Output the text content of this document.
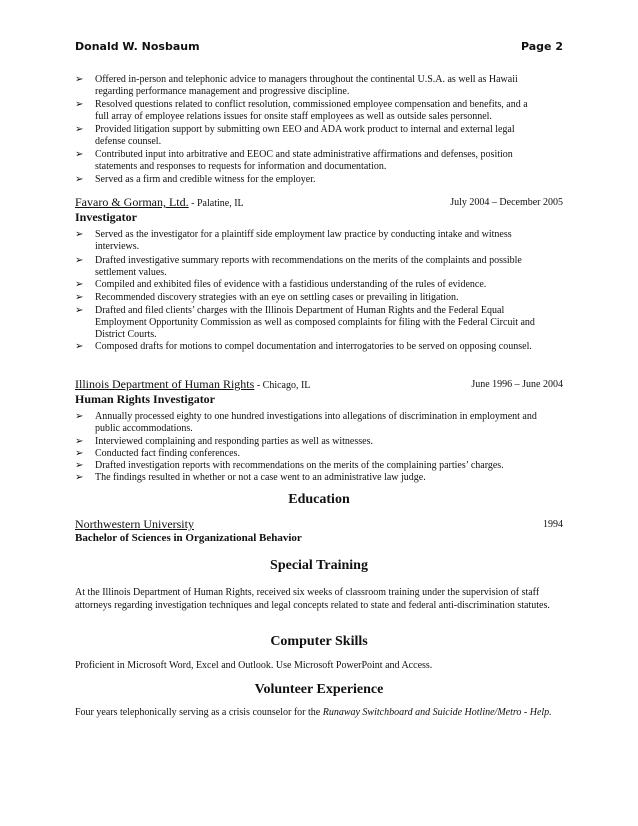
Donald W. Nosbaum	Page 2
➢ Offered in-person and telephonic advice to managers throughout the continental U.S.A. as well as Hawaii regarding performance management and progressive discipline.
➢ Resolved questions related to conflict resolution, commissioned employee compensation and benefits, and a full array of employee relations issues for onsite staff employees as well as outside sales personnel.
➢ Provided litigation support by submitting own EEO and ADA work product to internal and external legal defense counsel.
➢ Contributed input into arbitrative and EEOC and state administrative affirmations and defenses, position statements and responses to requests for information and documentation.
➢ Served as a firm and credible witness for the employer.
Favaro & Gorman, Ltd. - Palatine, IL	July 2004 – December 2005
Investigator
➢ Served as the investigator for a plaintiff side employment law practice by conducting intake and witness interviews.
➢ Drafted investigative summary reports with recommendations on the merits of the complaints and possible settlement values.
➢ Compiled and exhibited files of evidence with a fastidious understanding of the rules of evidence.
➢ Recommended discovery strategies with an eye on settling cases or prevailing in litigation.
➢ Drafted and filed clients’ charges with the Illinois Department of Human Rights and the Federal Equal Employment Opportunity Commission as well as composed complaints for filing with the Federal Circuit and District Courts.
➢ Composed drafts for motions to compel documentation and interrogatories to be served on opposing counsel.
Illinois Department of Human Rights - Chicago, IL	June 1996 – June 2004
Human Rights Investigator
➢ Annually processed eighty to one hundred investigations into allegations of discrimination in employment and public accommodations.
➢ Interviewed complaining and responding parties as well as witnesses.
➢ Conducted fact finding conferences.
➢ Drafted investigation reports with recommendations on the merits of the complaining parties’ charges.
➢ The findings resulted in whether or not a case went to an administrative law judge.
Education
Northwestern University	1994
Bachelor of Sciences in Organizational Behavior
Special Training
At the Illinois Department of Human Rights, received six weeks of classroom training under the supervision of staff attorneys regarding investigation techniques and legal concepts related to state and federal anti-discrimination statutes.
Computer Skills
Proficient in Microsoft Word, Excel and Outlook. Use Microsoft PowerPoint and Access.
Volunteer Experience
Four years telephonically serving as a crisis counselor for the Runaway Switchboard and Suicide Hotline/Metro - Help.
